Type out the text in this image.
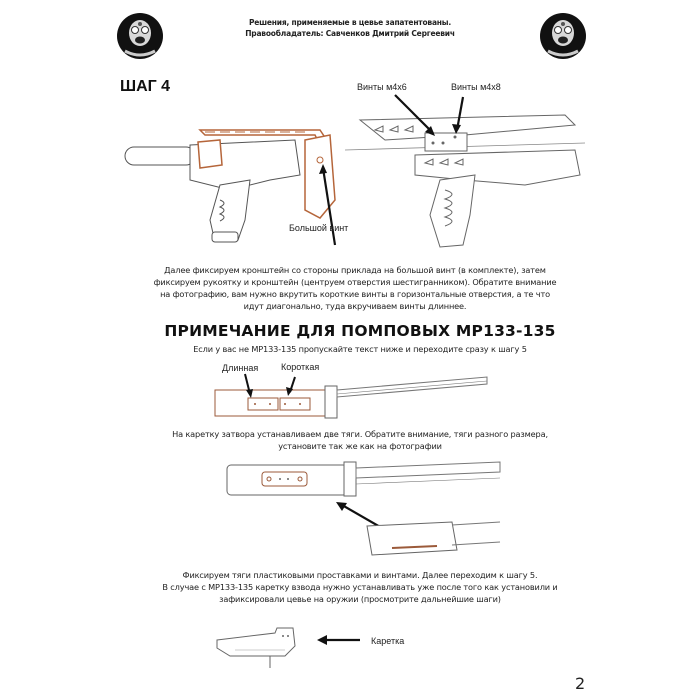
Решения, применяемые в цевье запатентованы.
Правообладатель: Савченков Дмитрий Сергеевич
ШАГ 4
Большой винт
Винты м4х6	Винты м4х8
Далее фиксируем кронштейн со стороны приклада на большой винт (в комплекте), затем
фиксируем рукоятку и кронштейн (центруем отверстия шестигранником). Обратите внимание
на фотографию, вам нужно вкрутить короткие винты в горизонтальные отверстия, а те что
идут диагонально, туда вкручиваем винты длиннее.
ПРИМЕЧАНИЕ ДЛЯ ПОМПОВЫХ МР133-135
Если у вас не МР133-135 пропускайте текст ниже и переходите сразу к шагу 5
Длинная	Короткая
На каретку затвора устанавливаем две тяги. Обратите внимание, тяги разного размера,
установите так же как на фотографии
Фиксируем тяги пластиковыми проставками и винтами. Далее переходим к шагу 5.
В случае с МР133-135 каретку взвода нужно устанавливать уже после того как установили и
зафиксировали цевье на оружии (просмотрите дальнейшие шаги)
Каретка
2
